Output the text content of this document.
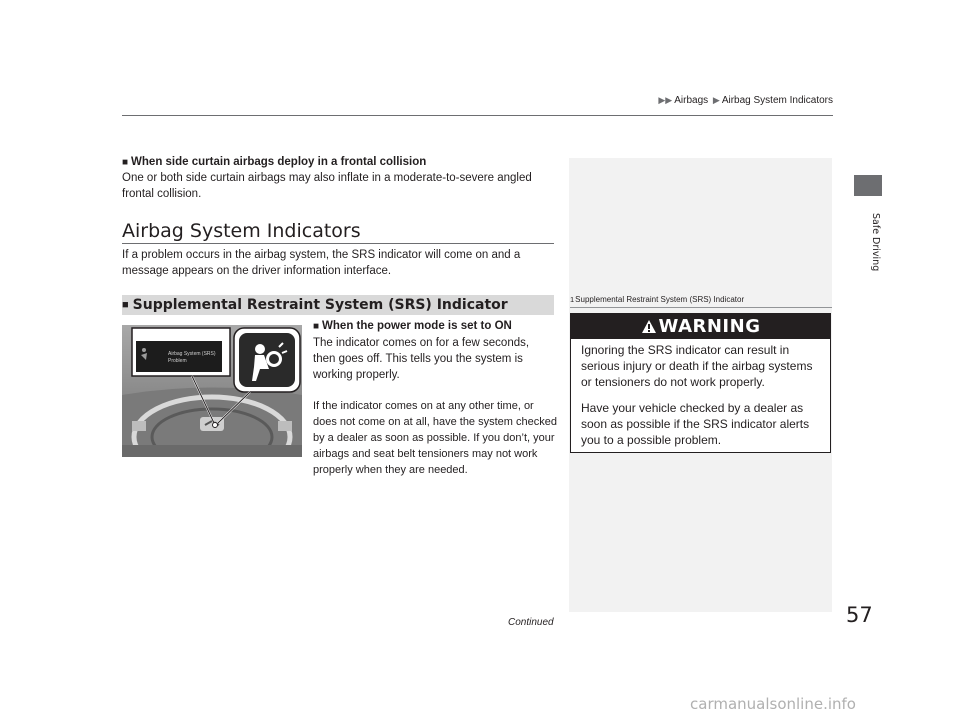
▶▶ Airbags ▶ Airbag System Indicators
Safe Driving
■ When side curtain airbags deploy in a frontal collision
One or both side curtain airbags may also inflate in a moderate-to-severe angled frontal collision.
Airbag System Indicators
If a problem occurs in the airbag system, the SRS indicator will come on and a message appears on the driver information interface.
■ Supplemental Restraint System (SRS) Indicator
Airbag System (SRS)
Problem
■ When the power mode is set to ON
The indicator comes on for a few seconds, then goes off. This tells you the system is working properly.
If the indicator comes on at any other time, or does not come on at all, have the system checked by a dealer as soon as possible. If you don’t, your airbags and seat belt tensioners may not work properly when they are needed.
1Supplemental Restraint System (SRS) Indicator
WARNING
Ignoring the SRS indicator can result in serious injury or death if the airbag systems or tensioners do not work properly.
Have your vehicle checked by a dealer as soon as possible if the SRS indicator alerts you to a possible problem.
Continued	57
carmanualsonline.info
